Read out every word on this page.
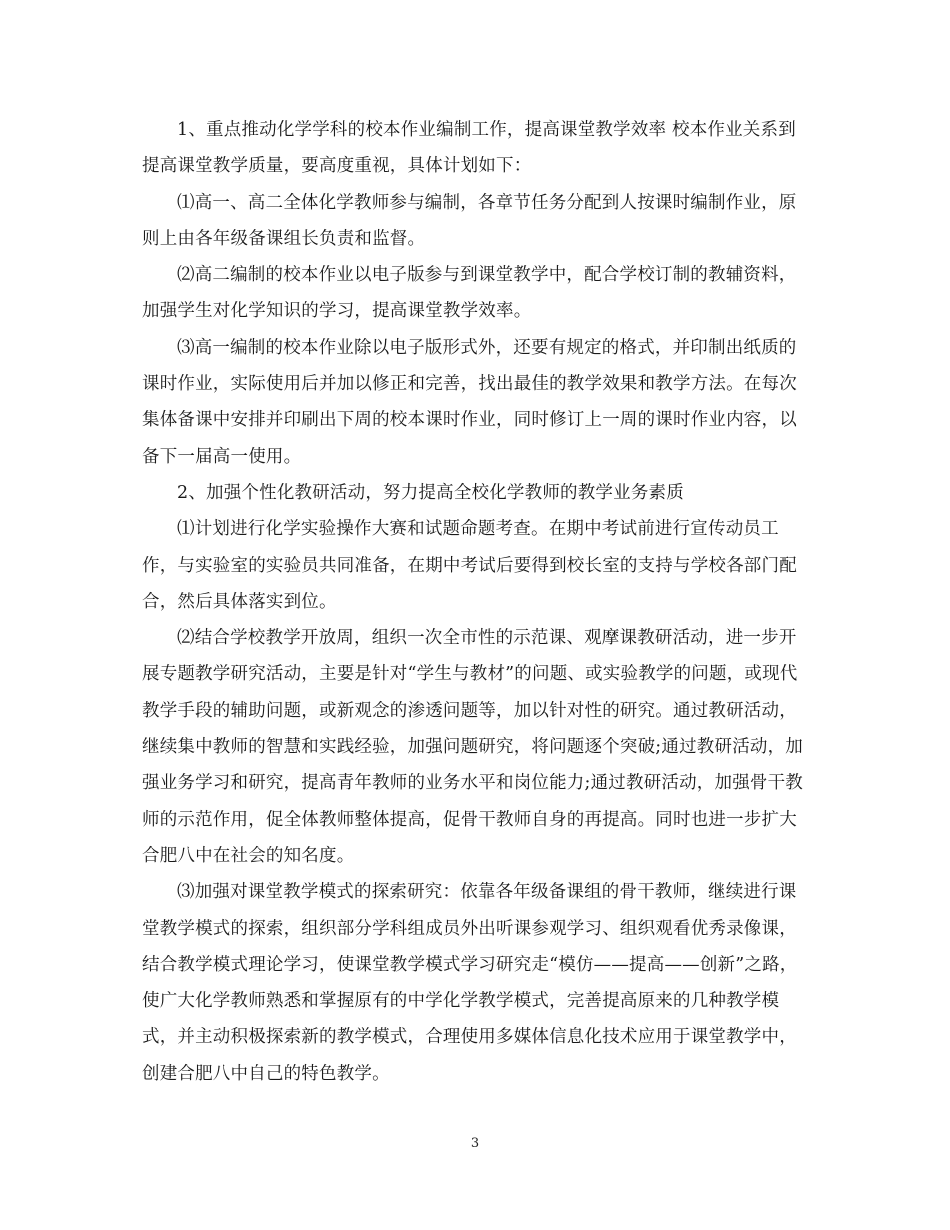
1、重点推动化学学科的校本作业编制工作，提高课堂教学效率 校本作业关系到提高课堂教学质量，要高度重视，具体计划如下：

⑴高一、高二全体化学教师参与编制，各章节任务分配到人按课时编制作业，原则上由各年级备课组长负责和监督。

⑵高二编制的校本作业以电子版参与到课堂教学中，配合学校订制的教辅资料，加强学生对化学知识的学习，提高课堂教学效率。

⑶高一编制的校本作业除以电子版形式外，还要有规定的格式，并印制出纸质的课时作业，实际使用后并加以修正和完善，找出最佳的教学效果和教学方法。在每次集体备课中安排并印刷出下周的校本课时作业，同时修订上一周的课时作业内容，以备下一届高一使用。

2、加强个性化教研活动，努力提高全校化学教师的教学业务素质

⑴计划进行化学实验操作大赛和试题命题考查。在期中考试前进行宣传动员工作，与实验室的实验员共同准备，在期中考试后要得到校长室的支持与学校各部门配合，然后具体落实到位。

⑵结合学校教学开放周，组织一次全市性的示范课、观摩课教研活动，进一步开展专题教学研究活动，主要是针对“学生与教材”的问题、或实验教学的问题，或现代教学手段的辅助问题，或新观念的渗透问题等，加以针对性的研究。通过教研活动，继续集中教师的智慧和实践经验，加强问题研究，将问题逐个突破;通过教研活动，加强业务学习和研究，提高青年教师的业务水平和岗位能力;通过教研活动，加强骨干教师的示范作用，促全体教师整体提高，促骨干教师自身的再提高。同时也进一步扩大合肥八中在社会的知名度。

⑶加强对课堂教学模式的探索研究：依靠各年级备课组的骨干教师，继续进行课堂教学模式的探索，组织部分学科组成员外出听课参观学习、组织观看优秀录像课，结合教学模式理论学习，使课堂教学模式学习研究走“模仿——提高——创新”之路，使广大化学教师熟悉和掌握原有的中学化学教学模式，完善提高原来的几种教学模式，并主动积极探索新的教学模式，合理使用多媒体信息化技术应用于课堂教学中，创建合肥八中自己的特色教学。

3
